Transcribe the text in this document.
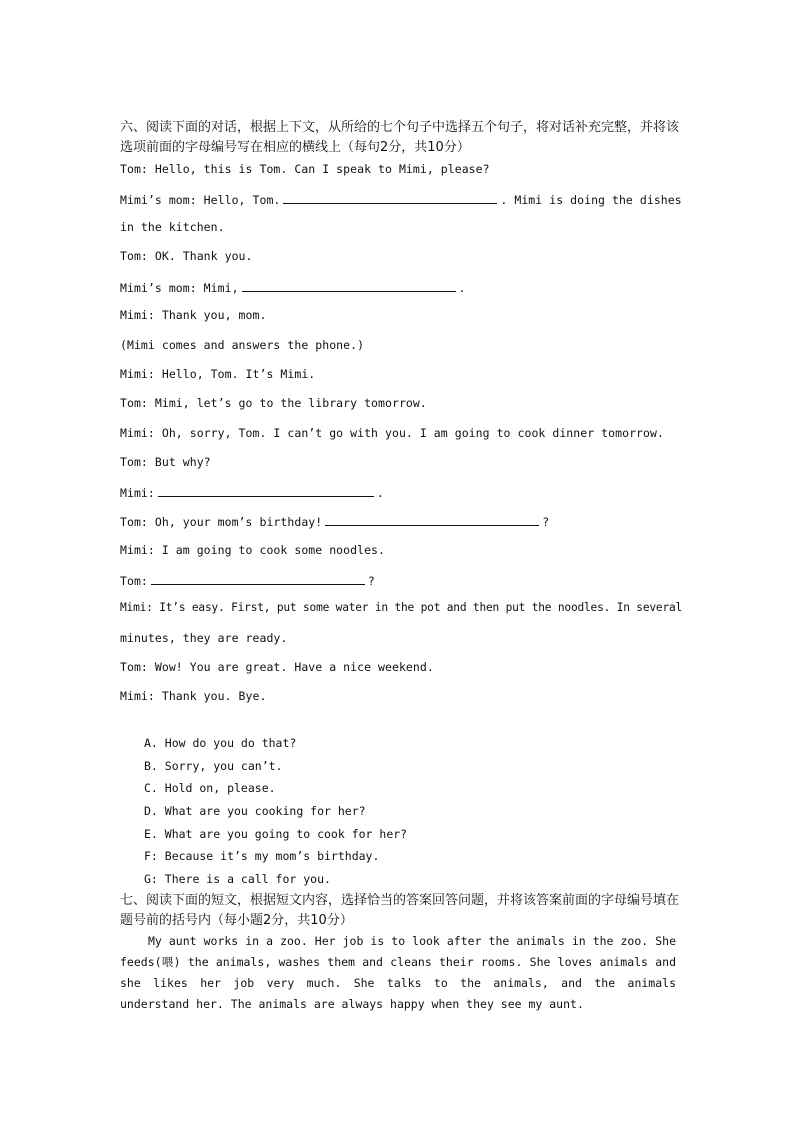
六、阅读下面的对话，根据上下文，从所给的七个句子中选择五个句子，将对话补充完整，并将该选项前面的字母编号写在相应的横线上（每句2分，共10分）
Tom: Hello, this is Tom. Can I speak to Mimi, please?
Mimi’s mom: Hello, Tom.	. Mimi is doing the dishes
in the kitchen.
Tom: OK. Thank you.
Mimi’s mom: Mimi,	.
Mimi: Thank you, mom.
(Mimi comes and answers the phone.)
Mimi: Hello, Tom. It’s Mimi.
Tom: Mimi, let’s go to the library tomorrow.
Mimi: Oh, sorry, Tom. I can’t go with you. I am going to cook dinner tomorrow.
Tom: But why?
Mimi:	.
Tom: Oh, your mom’s birthday!	?
Mimi: I am going to cook some noodles.
Tom:	?
Mimi: It’s easy. First, put some water in the pot and then put the noodles. In several
minutes, they are ready.
Tom: Wow! You are great. Have a nice weekend.
Mimi: Thank you. Bye.
A. How do you do that?
B. Sorry, you can’t.
C. Hold on, please.
D. What are you cooking for her?
E. What are you going to cook for her?
F: Because it’s my mom’s birthday.
G: There is a call for you.
七、阅读下面的短文，根据短文内容，选择恰当的答案回答问题，并将该答案前面的字母编号填在题号前的括号内（每小题2分，共10分）
My aunt works in a zoo. Her job is to look after the animals in the zoo. She feeds(喂) the animals, washes them and cleans their rooms. She loves animals and she likes her job very much. She talks to the animals, and the animals understand her. The animals are always happy when they see my aunt.
